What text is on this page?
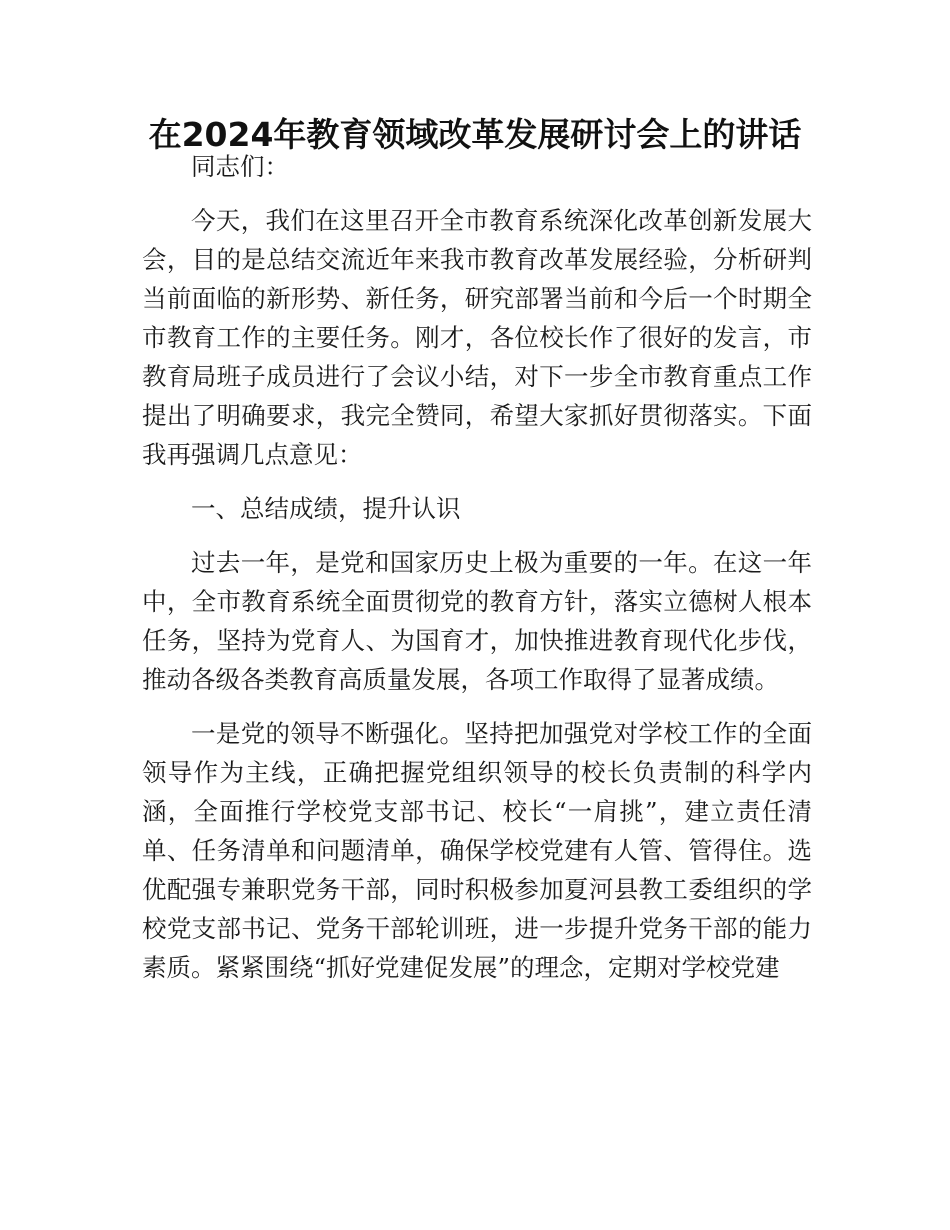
在2024年教育领域改革发展研讨会上的讲话

同志们：

今天，我们在这里召开全市教育系统深化改革创新发展大会，目的是总结交流近年来我市教育改革发展经验，分析研判当前面临的新形势、新任务，研究部署当前和今后一个时期全市教育工作的主要任务。刚才，各位校长作了很好的发言，市教育局班子成员进行了会议小结，对下一步全市教育重点工作提出了明确要求，我完全赞同，希望大家抓好贯彻落实。下面我再强调几点意见：

一、总结成绩，提升认识

过去一年，是党和国家历史上极为重要的一年。在这一年中，全市教育系统全面贯彻党的教育方针，落实立德树人根本任务，坚持为党育人、为国育才，加快推进教育现代化步伐，推动各级各类教育高质量发展，各项工作取得了显著成绩。

一是党的领导不断强化。坚持把加强党对学校工作的全面领导作为主线，正确把握党组织领导的校长负责制的科学内涵，全面推行学校党支部书记、校长“一肩挑”，建立责任清单、任务清单和问题清单，确保学校党建有人管、管得住。选优配强专兼职党务干部，同时积极参加夏河县教工委组织的学校党支部书记、党务干部轮训班，进一步提升党务干部的能力素质。紧紧围绕“抓好党建促发展”的理念，定期对学校党建
